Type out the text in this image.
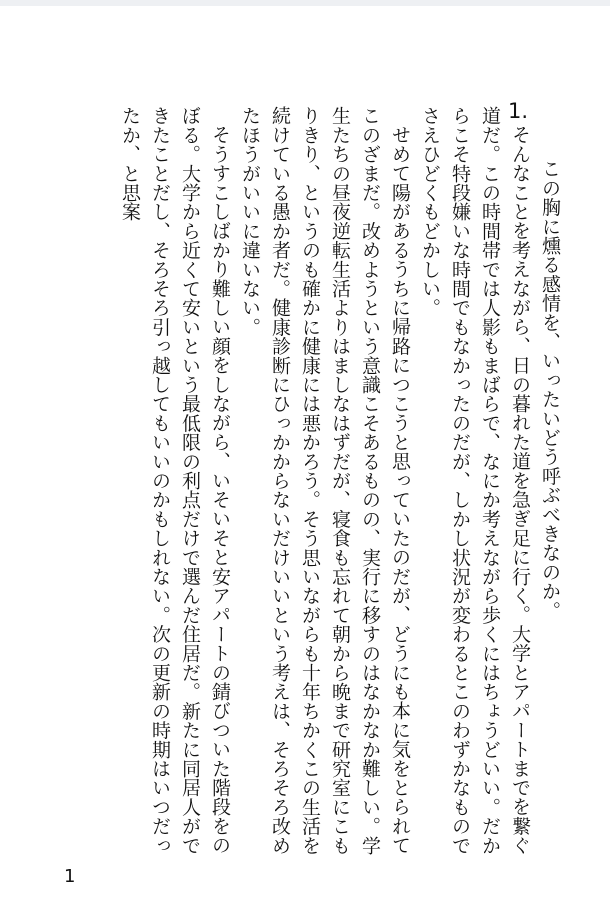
1.

この胸に燻る感情を、いったいどう呼ぶべきなのか。

そんなことを考えながら、日の暮れた道を急ぎ足に行く。大学とアパートまでを繋ぐ道だ。この時間帯では人影もまばらで、なにか考えながら歩くにはちょうどいい。だからこそ特段嫌いな時間でもなかったのだが、しかし状況が変わるとこのわずかなものでさえひどくもどかしい。

せめて陽があるうちに帰路につこうと思っていたのだが、どうにも本に気をとられてこのざまだ。改めようという意識こそあるものの、実行に移すのはなかなか難しい。学生たちの昼夜逆転生活よりはましなはずだが、寝食も忘れて朝から晩まで研究室にこもりきり、というのも確かに健康には悪かろう。そう思いながらも十年ちかくこの生活を続けている愚か者だ。健康診断にひっかからないだけいいという考えは、そろそろ改めたほうがいいに違いない。

そうすこしばかり難しい顔をしながら、いそいそと安アパートの錆びついた階段をのぼる。大学から近くて安いという最低限の利点だけで選んだ住居だ。新たに同居人ができたことだし、そろそろ引っ越してもいいのかもしれない。次の更新の時期はいつだったか、と思案

1
